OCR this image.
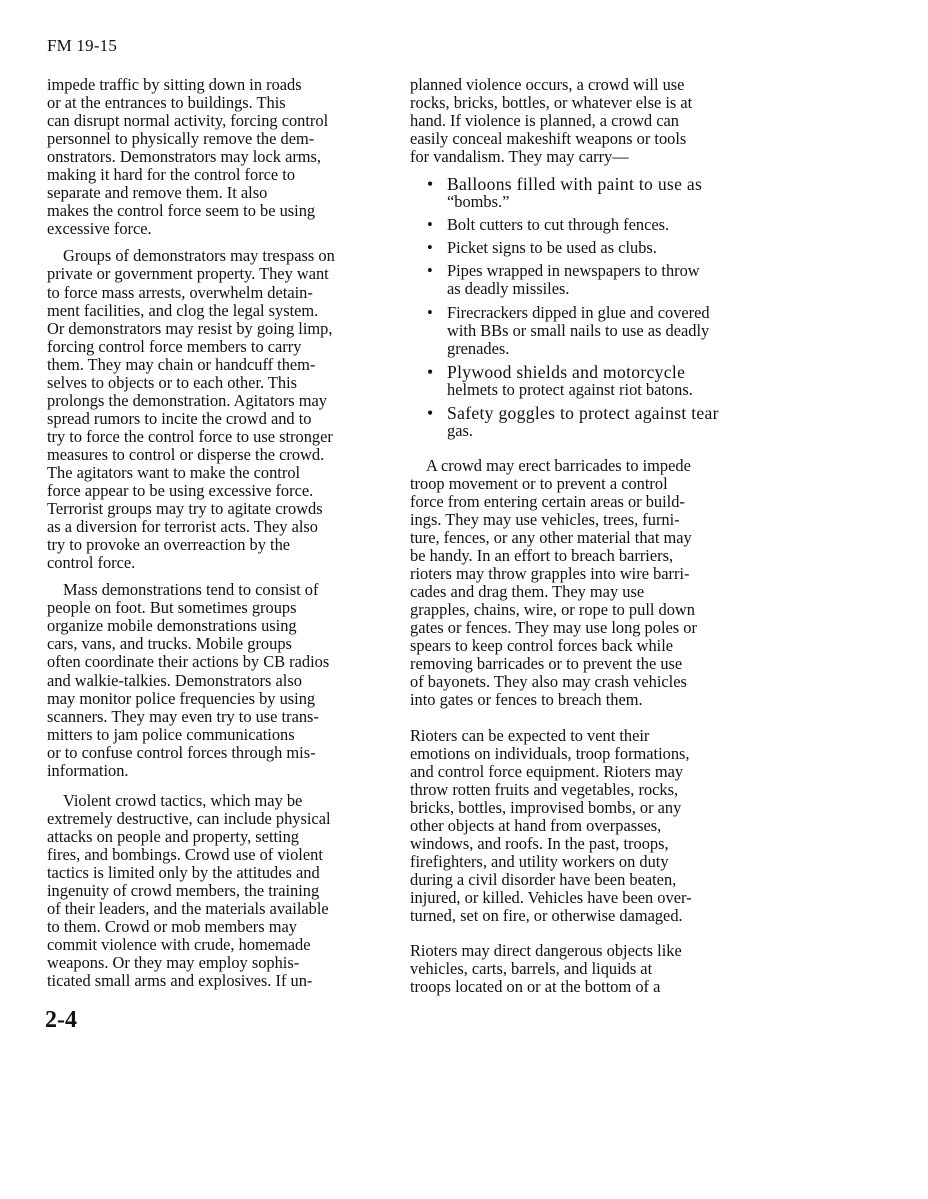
FM 19-15
impede traffic by sitting down in roads
or at the entrances to buildings. This
can disrupt normal activity, forcing control
personnel to physically remove the dem-
onstrators. Demonstrators may lock arms,
making it hard for the control force to
separate and remove them. It also
makes the control force seem to be using
excessive force.
Groups of demonstrators may trespass on
private or government property. They want
to force mass arrests, overwhelm detain-
ment facilities, and clog the legal system.
Or demonstrators may resist by going limp,
forcing control force members to carry
them. They may chain or handcuff them-
selves to objects or to each other. This
prolongs the demonstration. Agitators may
spread rumors to incite the crowd and to
try to force the control force to use stronger
measures to control or disperse the crowd.
The agitators want to make the control
force appear to be using excessive force.
Terrorist groups may try to agitate crowds
as a diversion for terrorist acts. They also
try to provoke an overreaction by the
control force.
Mass demonstrations tend to consist of
people on foot. But sometimes groups
organize mobile demonstrations using
cars, vans, and trucks. Mobile groups
often coordinate their actions by CB radios
and walkie-talkies. Demonstrators also
may monitor police frequencies by using
scanners. They may even try to use trans-
mitters to jam police communications
or to confuse control forces through mis-
information.
Violent crowd tactics, which may be
extremely destructive, can include physical
attacks on people and property, setting
fires, and bombings. Crowd use of violent
tactics is limited only by the attitudes and
ingenuity of crowd members, the training
of their leaders, and the materials available
to them. Crowd or mob members may
commit violence with crude, homemade
weapons. Or they may employ sophis-
ticated small arms and explosives. If un-
planned violence occurs, a crowd will use
rocks, bricks, bottles, or whatever else is at
hand. If violence is planned, a crowd can
easily conceal makeshift weapons or tools
for vandalism. They may carry—
• Balloons filled with paint to use as
“bombs.”
• Bolt cutters to cut through fences.
• Picket signs to be used as clubs.
• Pipes wrapped in newspapers to throw
as deadly missiles.
• Firecrackers dipped in glue and covered
with BBs or small nails to use as deadly
grenades.
• Plywood shields and motorcycle
helmets to protect against riot batons.
• Safety goggles to protect against tear
gas.
A crowd may erect barricades to impede
troop movement or to prevent a control
force from entering certain areas or build-
ings. They may use vehicles, trees, furni-
ture, fences, or any other material that may
be handy. In an effort to breach barriers,
rioters may throw grapples into wire barri-
cades and drag them. They may use
grapples, chains, wire, or rope to pull down
gates or fences. They may use long poles or
spears to keep control forces back while
removing barricades or to prevent the use
of bayonets. They also may crash vehicles
into gates or fences to breach them.
Rioters can be expected to vent their
emotions on individuals, troop formations,
and control force equipment. Rioters may
throw rotten fruits and vegetables, rocks,
bricks, bottles, improvised bombs, or any
other objects at hand from overpasses,
windows, and roofs. In the past, troops,
firefighters, and utility workers on duty
during a civil disorder have been beaten,
injured, or killed. Vehicles have been over-
turned, set on fire, or otherwise damaged.
Rioters may direct dangerous objects like
vehicles, carts, barrels, and liquids at
troops located on or at the bottom of a
2-4
